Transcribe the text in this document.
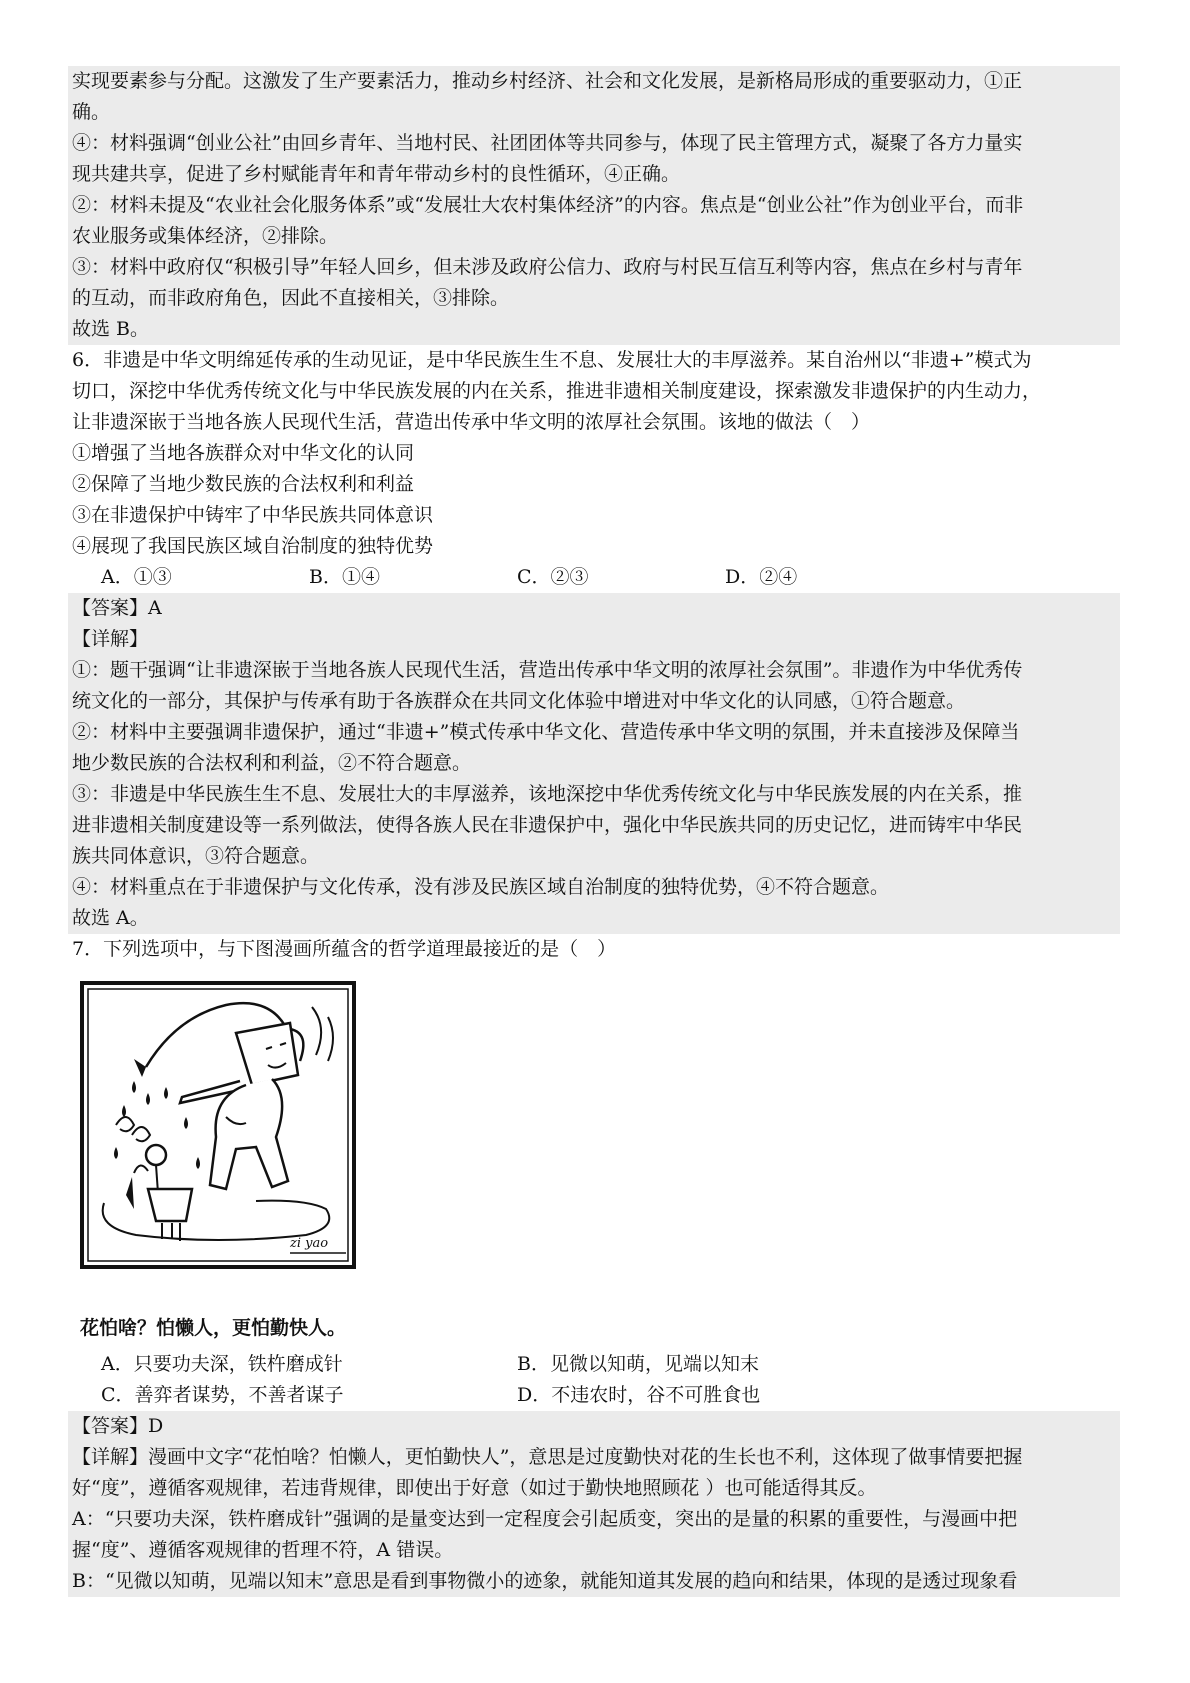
实现要素参与分配。这激发了生产要素活力，推动乡村经济、社会和文化发展，是新格局形成的重要驱动力，①正
确。
④：材料强调“创业公社”由回乡青年、当地村民、社团团体等共同参与，体现了民主管理方式，凝聚了各方力量实
现共建共享，促进了乡村赋能青年和青年带动乡村的良性循环，④正确。
②：材料未提及“农业社会化服务体系”或“发展壮大农村集体经济”的内容。焦点是“创业公社”作为创业平台，而非
农业服务或集体经济，②排除。
③：材料中政府仅“积极引导”年轻人回乡，但未涉及政府公信力、政府与村民互信互利等内容，焦点在乡村与青年
的互动，而非政府角色，因此不直接相关，③排除。
故选 B。
6．非遗是中华文明绵延传承的生动见证，是中华民族生生不息、发展壮大的丰厚滋养。某自治州以“非遗+”模式为
切口，深挖中华优秀传统文化与中华民族发展的内在关系，推进非遗相关制度建设，探索激发非遗保护的内生动力，
让非遗深嵌于当地各族人民现代生活，营造出传承中华文明的浓厚社会氛围。该地的做法（　）
①增强了当地各族群众对中华文化的认同
②保障了当地少数民族的合法权利和利益
③在非遗保护中铸牢了中华民族共同体意识
④展现了我国民族区域自治制度的独特优势
A．①③	B．①④	C．②③	D．②④
【答案】A
【详解】
①：题干强调“让非遗深嵌于当地各族人民现代生活，营造出传承中华文明的浓厚社会氛围”。非遗作为中华优秀传
统文化的一部分，其保护与传承有助于各族群众在共同文化体验中增进对中华文化的认同感，①符合题意。
②：材料中主要强调非遗保护，通过“非遗+”模式传承中华文化、营造传承中华文明的氛围，并未直接涉及保障当
地少数民族的合法权利和利益，②不符合题意。
③：非遗是中华民族生生不息、发展壮大的丰厚滋养，该地深挖中华优秀传统文化与中华民族发展的内在关系，推
进非遗相关制度建设等一系列做法，使得各族人民在非遗保护中，强化中华民族共同的历史记忆，进而铸牢中华民
族共同体意识，③符合题意。
④：材料重点在于非遗保护与文化传承，没有涉及民族区域自治制度的独特优势，④不符合题意。
故选 A。
7．下列选项中，与下图漫画所蕴含的哲学道理最接近的是（　）
zi yao
花怕啥？怕懒人，更怕勤快人。
A．只要功夫深，铁杵磨成针	B．见微以知萌，见端以知末
C．善弈者谋势，不善者谋子	D．不违农时，谷不可胜食也
【答案】D
【详解】漫画中文字“花怕啥？怕懒人，更怕勤快人”，意思是过度勤快对花的生长也不利，这体现了做事情要把握
好“度”，遵循客观规律，若违背规律，即使出于好意（如过于勤快地照顾花 ）也可能适得其反。
A：“只要功夫深，铁杵磨成针”强调的是量变达到一定程度会引起质变，突出的是量的积累的重要性，与漫画中把
握“度”、遵循客观规律的哲理不符，A 错误。
B：“见微以知萌，见端以知末”意思是看到事物微小的迹象，就能知道其发展的趋向和结果，体现的是透过现象看
